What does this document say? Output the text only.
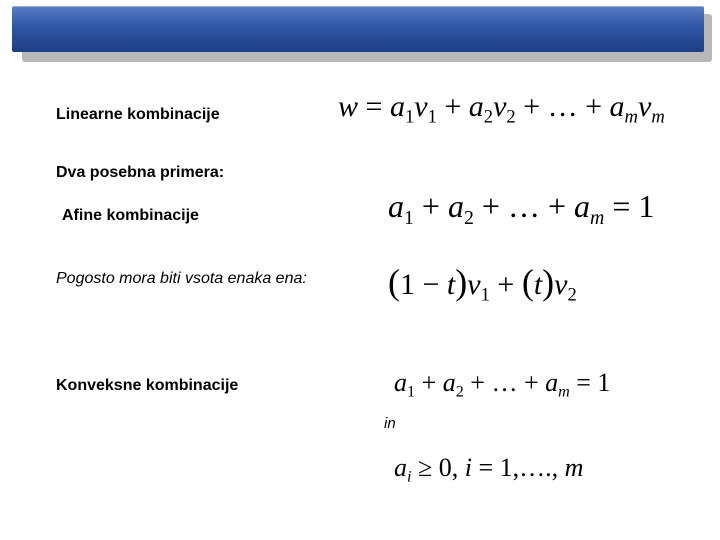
Linearne kombinacije
Dva posebna primera:
Afine kombinacije
Pogosto mora biti vsota enaka ena:
Konveksne kombinacije
in
$w = a_1v_1 + a_2v_2$ + … + $a_mv_m$
$a_1 + a_2$ + … + $a_m = 1$
$(1 - t)v_1 + (t)v_2$
$a_1 + a_2$ + … + $a_m = 1$
$a_i \ge 0$, i = 1,…., m
